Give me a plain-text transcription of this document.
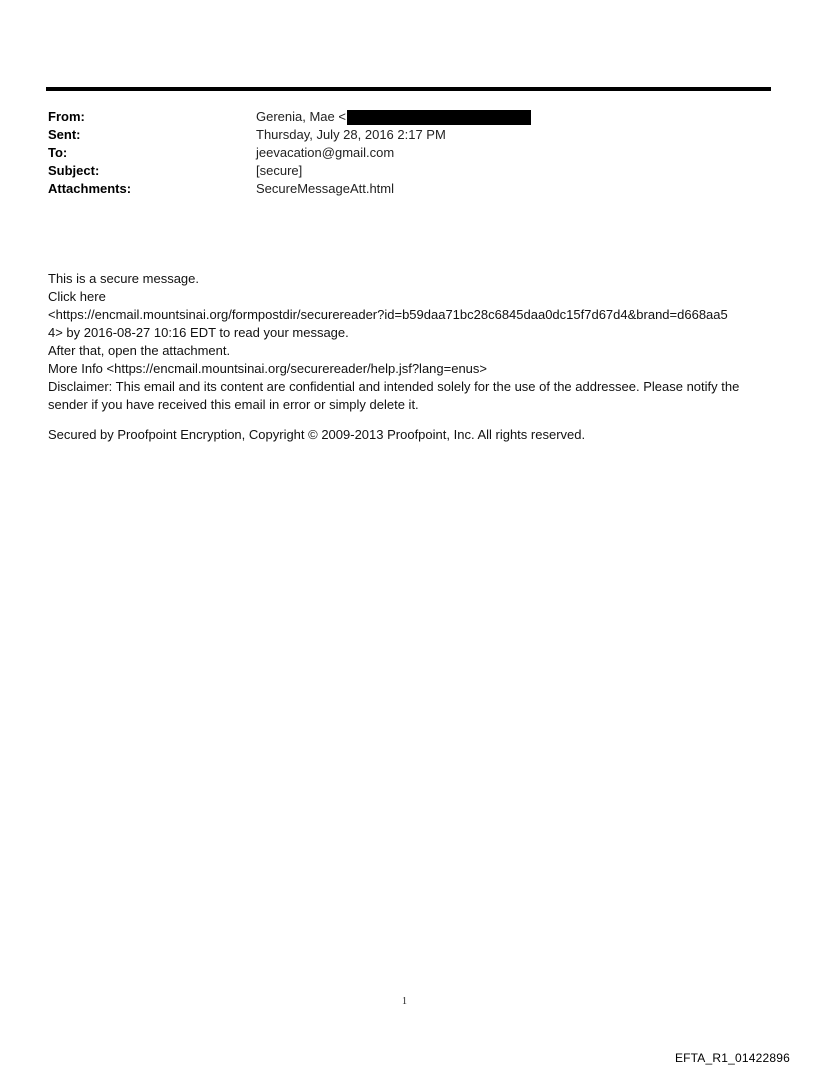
From:	Gerenia, Mae <
Sent:	Thursday, July 28, 2016 2:17 PM
To:	jeevacation@gmail.com
Subject:	[secure]
Attachments:	SecureMessageAtt.html

This is a secure message.

Click here

<https://encmail.mountsinai.org/formpostdir/securereader?id=b59daa71bc28c6845daa0dc15f7d67d4&brand=d668aa5

4> by 2016-08-27 10:16 EDT to read your message.

After that, open the attachment.

More Info <https://encmail.mountsinai.org/securereader/help.jsf?lang=enus>

Disclaimer: This email and its content are confidential and intended solely for the use of the addressee. Please notify the sender if you have received this email in error or simply delete it.

Secured by Proofpoint Encryption, Copyright © 2009-2013 Proofpoint, Inc. All rights reserved.

1
EFTA_R1_01422896
